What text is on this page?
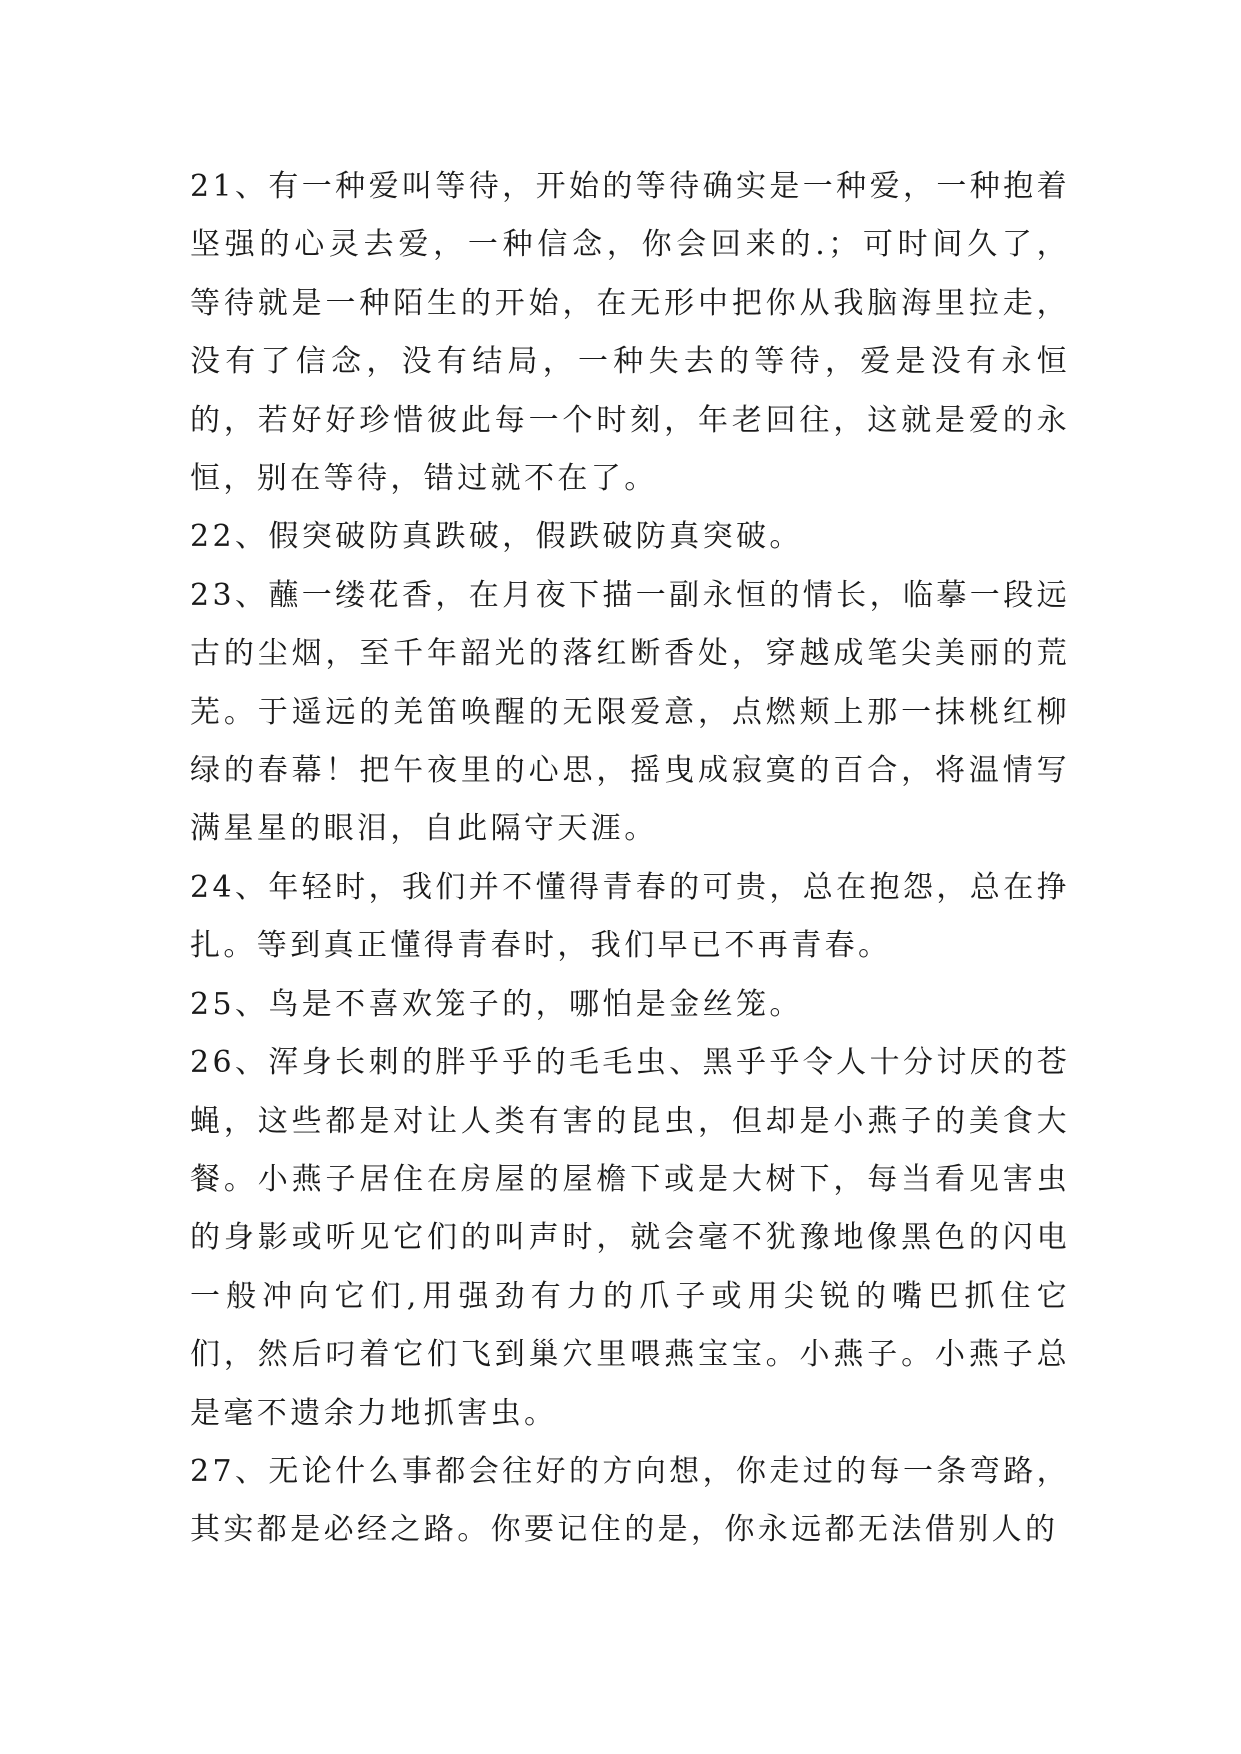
21、有一种爱叫等待，开始的等待确实是一种爱，一种抱着坚强的心灵去爱，一种信念，你会回来的.；可时间久了，等待就是一种陌生的开始，在无形中把你从我脑海里拉走，没有了信念，没有结局，一种失去的等待，爱是没有永恒的，若好好珍惜彼此每一个时刻，年老回往，这就是爱的永恒，别在等待，错过就不在了。

22、假突破防真跌破，假跌破防真突破。

23、蘸一缕花香，在月夜下描一副永恒的情长，临摹一段远古的尘烟，至千年韶光的落红断香处，穿越成笔尖美丽的荒芜。于遥远的羌笛唤醒的无限爱意，点燃颊上那一抹桃红柳绿的春幕！把午夜里的心思，摇曳成寂寞的百合，将温情写满星星的眼泪，自此隔守天涯。

24、年轻时，我们并不懂得青春的可贵，总在抱怨，总在挣扎。等到真正懂得青春时，我们早已不再青春。

25、鸟是不喜欢笼子的，哪怕是金丝笼。

26、浑身长刺的胖乎乎的毛毛虫、黑乎乎令人十分讨厌的苍蝇，这些都是对让人类有害的昆虫，但却是小燕子的美食大餐。小燕子居住在房屋的屋檐下或是大树下，每当看见害虫的身影或听见它们的叫声时，就会毫不犹豫地像黑色的闪电一般冲向它们,用强劲有力的爪子或用尖锐的嘴巴抓住它们，然后叼着它们飞到巢穴里喂燕宝宝。小燕子。小燕子总是毫不遗余力地抓害虫。

27、无论什么事都会往好的方向想，你走过的每一条弯路，其实都是必经之路。你要记住的是，你永远都无法借别人的
